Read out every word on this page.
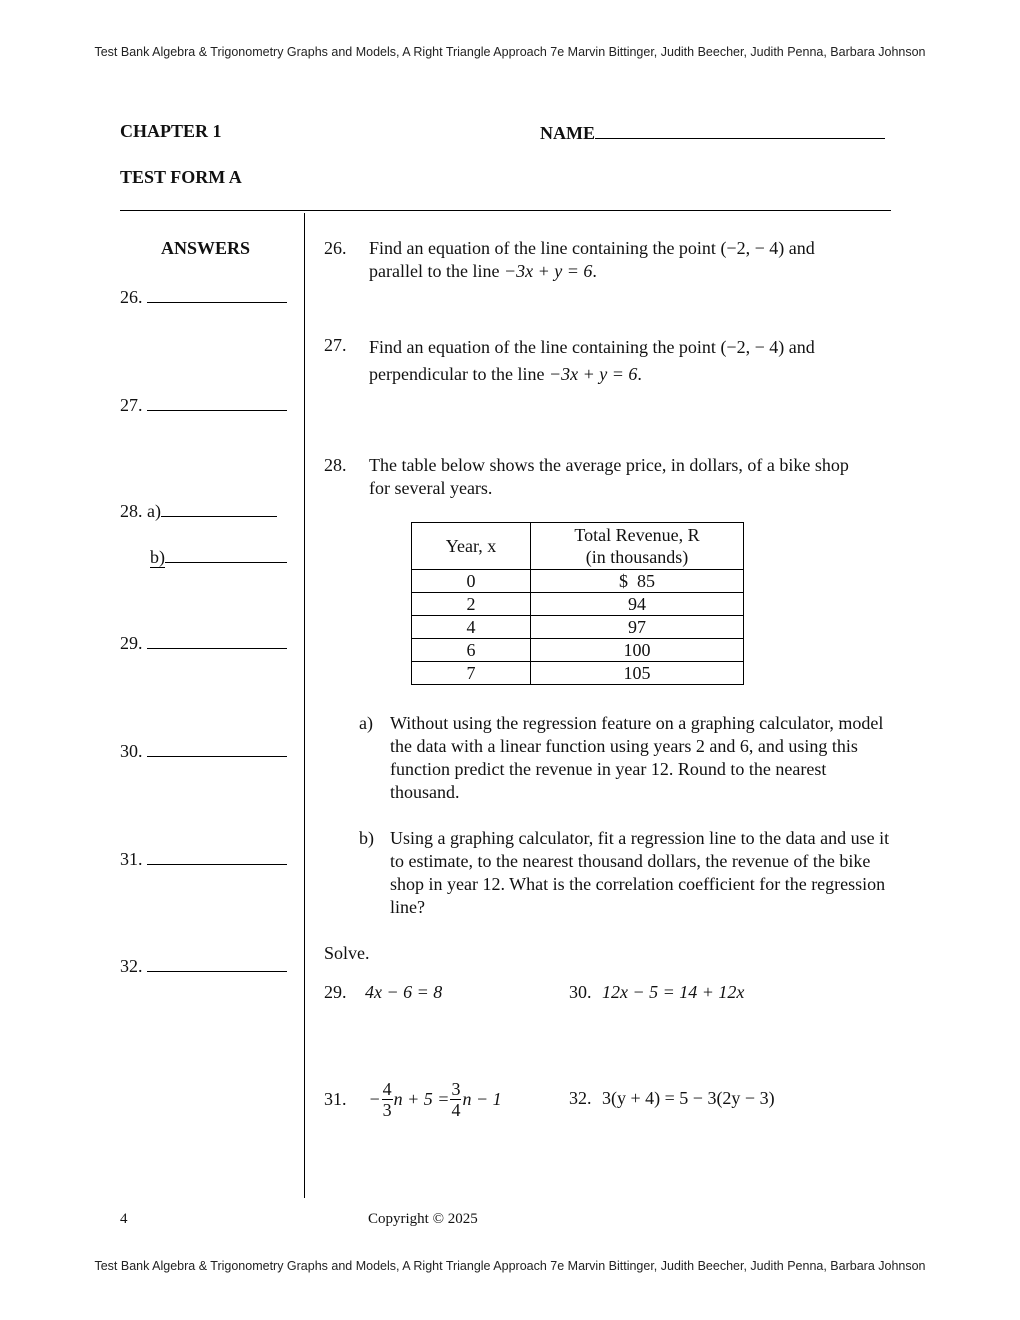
Test Bank Algebra & Trigonometry Graphs and Models, A Right Triangle Approach 7e Marvin Bittinger, Judith Beecher, Judith Penna, Barbara Johnson
CHAPTER 1	NAME
TEST FORM A
ANSWERS
26.
27.
28. a)
b)
29.
30.
31.
32.
26. Find an equation of the line containing the point (−2, − 4) and
parallel to the line −3x + y = 6.
27. Find an equation of the line containing the point (−2, − 4) and
perpendicular to the line −3x + y = 6.
28. The table below shows the average price, in dollars, of a bike shop for several years.
Year, x	Total Revenue, R
(in thousands)
0	$  85
2	94
4	97
6	100
7	105
a) Without using the regression feature on a graphing calculator, model the data with a linear function using years 2 and 6, and using this function predict the revenue in year 12. Round to the nearest thousand.
b) Using a graphing calculator, fit a regression line to the data and use it to estimate, to the nearest thousand dollars, the revenue of the bike shop in year 12. What is the correlation coefficient for the regression line?
Solve.
29. 4x − 6 = 8	30. 12x − 5 = 14 + 12x
31. − $\frac{4}{3}$ $n + 5 = \frac{3}{4}$ n − 1	32. 3(y + 4) = 5 − 3(2y − 3)
4	Copyright © 2025
Test Bank Algebra & Trigonometry Graphs and Models, A Right Triangle Approach 7e Marvin Bittinger, Judith Beecher, Judith Penna, Barbara Johnson
